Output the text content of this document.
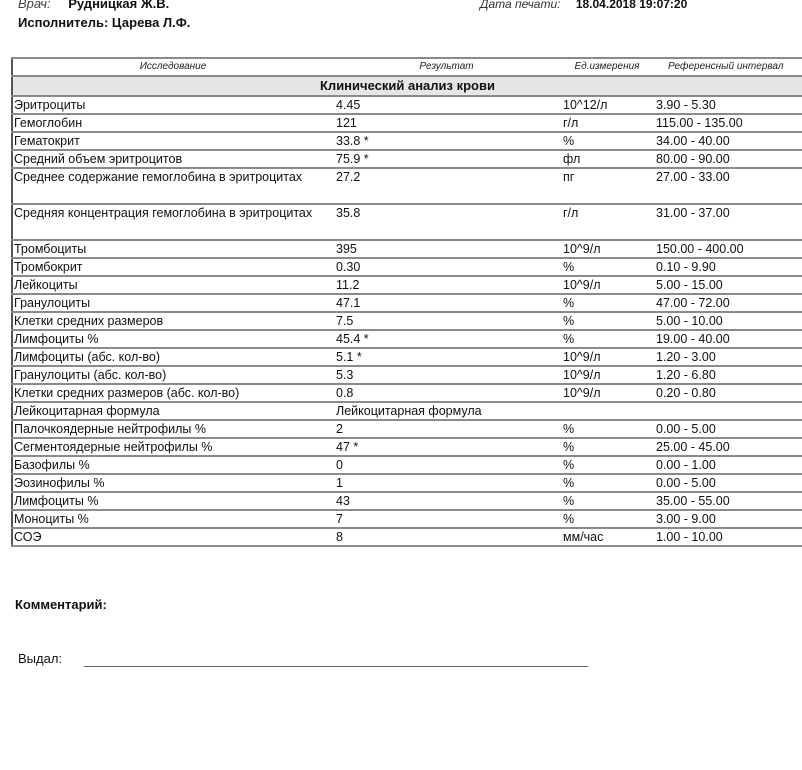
Врач: Рудницкая Ж.В.	Дата печати: 18.04.2018 19:07:20
Исполнитель: Царева Л.Ф.
Исследование	Результат	Ед.измерения	Референсный интервал
Клинический анализ крови			
Эритроциты	4.45	10^12/л	3.90 - 5.30
Гемоглобин	121	г/л	115.00 - 135.00
Гематокрит	33.8 *	%	34.00 - 40.00
Средний объем эритроцитов	75.9 *	фл	80.00 - 90.00
Среднее содержание гемоглобина в эритроцитах	27.2	пг	27.00 - 33.00
Средняя концентрация гемоглобина в эритроцитах	35.8	г/л	31.00 - 37.00
Тромбоциты	395	10^9/л	150.00 - 400.00
Тромбокрит	0.30	%	0.10 - 9.90
Лейкоциты	11.2	10^9/л	5.00 - 15.00
Гранулоциты	47.1	%	47.00 - 72.00
Клетки средних размеров	7.5	%	5.00 - 10.00
Лимфоциты %	45.4 *	%	19.00 - 40.00
Лимфоциты (абс. кол-во)	5.1 *	10^9/л	1.20 - 3.00
Гранулоциты (абс. кол-во)	5.3	10^9/л	1.20 - 6.80
Клетки средних размеров (абс. кол-во)	0.8	10^9/л	0.20 - 0.80
Лейкоцитарная формула	Лейкоцитарная формула		
Палочкоядерные нейтрофилы %	2	%	0.00 - 5.00
Сегментоядерные нейтрофилы %	47 *	%	25.00 - 45.00
Базофилы %	0	%	0.00 - 1.00
Эозинофилы %	1	%	0.00 - 5.00
Лимфоциты %	43	%	35.00 - 55.00
Моноциты %	7	%	3.00 - 9.00
СОЭ	8	мм/час	1.00 - 10.00
Комментарий:
Выдал:
